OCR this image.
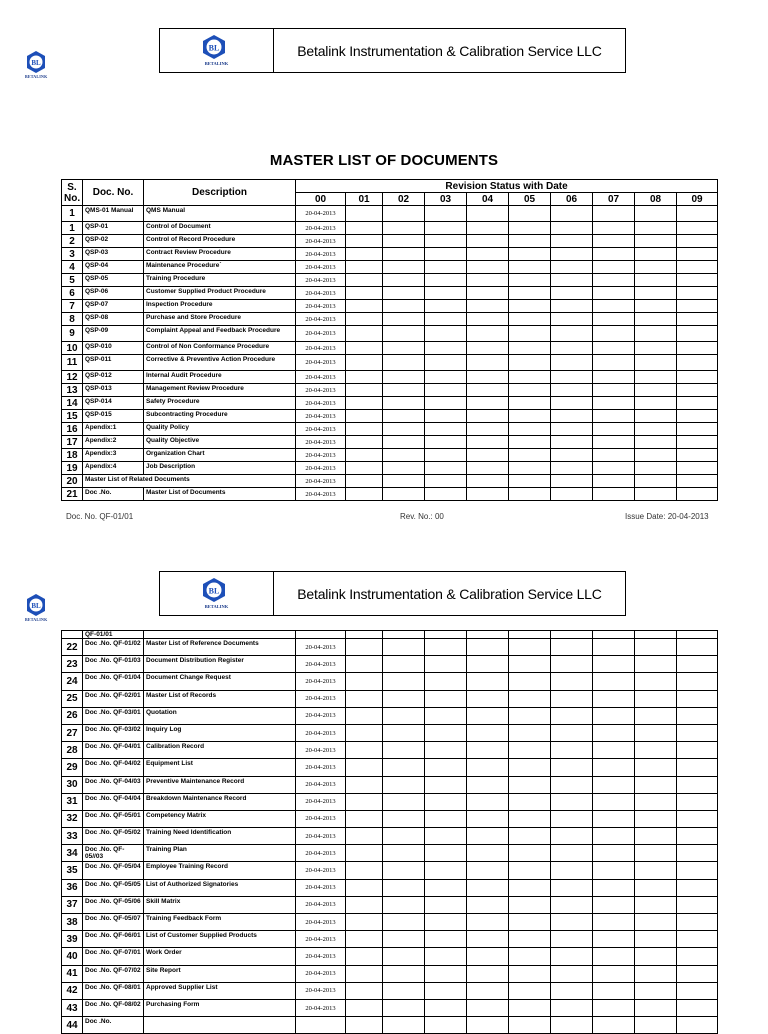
BL
BETALINK
BL
BETALINK
Betalink Instrumentation & Calibration Service LLC
MASTER LIST OF DOCUMENTS
S. No.	Doc. No.	Description	Revision Status with Date									
			00	01	02	03	04	05	06	07	08	09
1	QMS-01 Manual	QMS Manual	20-04-2013									
1	QSP-01	Control of Document	20-04-2013									
2	QSP-02	Control of Record Procedure	20-04-2013									
3	QSP-03	Contract Review Procedure	20-04-2013									
4	QSP-04	Maintenance Procedure`	20-04-2013									
5	QSP-05	Training Procedure	20-04-2013									
6	QSP-06	Customer Supplied Product Procedure	20-04-2013									
7	QSP-07	Inspection Procedure	20-04-2013									
8	QSP-08	Purchase and Store Procedure	20-04-2013									
9	QSP-09	Complaint Appeal and Feedback Procedure	20-04-2013									
10	QSP-010	Control of Non Conformance Procedure	20-04-2013									
11	QSP-011	Corrective & Preventive Action Procedure	20-04-2013									
12	QSP-012	Internal Audit Procedure	20-04-2013									
13	QSP-013	Management Review Procedure	20-04-2013									
14	QSP-014	Safety Procedure	20-04-2013									
15	QSP-015	Subcontracting Procedure	20-04-2013									
16	Apendix:1	Quality Policy	20-04-2013									
17	Apendix:2	Quality Objective	20-04-2013									
18	Apendix:3	Organization Chart	20-04-2013									
19	Apendix:4	Job Description	20-04-2013									
20	Master List of Related Documents		20-04-2013									
21	Doc .No.	Master List of Documents	20-04-2013									
Doc. No. QF-01/01	Rev. No.: 00	Issue Date: 20-04-2013
BL
BETALINK
BL
BETALINK
Betalink Instrumentation & Calibration Service LLC
	QF-01/01											
22	Doc .No. QF-01/02	Master List of Reference Documents	20-04-2013									
23	Doc .No. QF-01/03	Document Distribution Register	20-04-2013									
24	Doc .No. QF-01/04	Document Change Request	20-04-2013									
25	Doc .No. QF-02/01	Master List of Records	20-04-2013									
26	Doc .No. QF-03/01	Quotation	20-04-2013									
27	Doc .No. QF-03/02	Inquiry Log	20-04-2013									
28	Doc .No. QF-04/01	Calibration Record	20-04-2013									
29	Doc .No. QF-04/02	Equipment List	20-04-2013									
30	Doc .No. QF-04/03	Preventive Maintenance Record	20-04-2013									
31	Doc .No. QF-04/04	Breakdown Maintenance Record	20-04-2013									
32	Doc .No. QF-05/01	Competency Matrix	20-04-2013									
33	Doc .No. QF-05/02	Training Need Identification	20-04-2013									
34	Doc .No. QF-05//03	Training Plan	20-04-2013									
35	Doc .No. QF-05/04	Employee Training Record	20-04-2013									
36	Doc .No. QF-05/05	List of Authorized Signatories	20-04-2013									
37	Doc .No. QF-05/06	Skill Matrix	20-04-2013									
38	Doc .No. QF-05/07	Training Feedback Form	20-04-2013									
39	Doc .No. QF-06/01	List of Customer Supplied Products	20-04-2013									
40	Doc .No. QF-07/01	Work Order	20-04-2013									
41	Doc .No. QF-07/02	Site Report	20-04-2013									
42	Doc .No. QF-08/01	Approved Supplier List	20-04-2013									
43	Doc .No. QF-08/02	Purchasing Form	20-04-2013									
44	Doc .No.											
